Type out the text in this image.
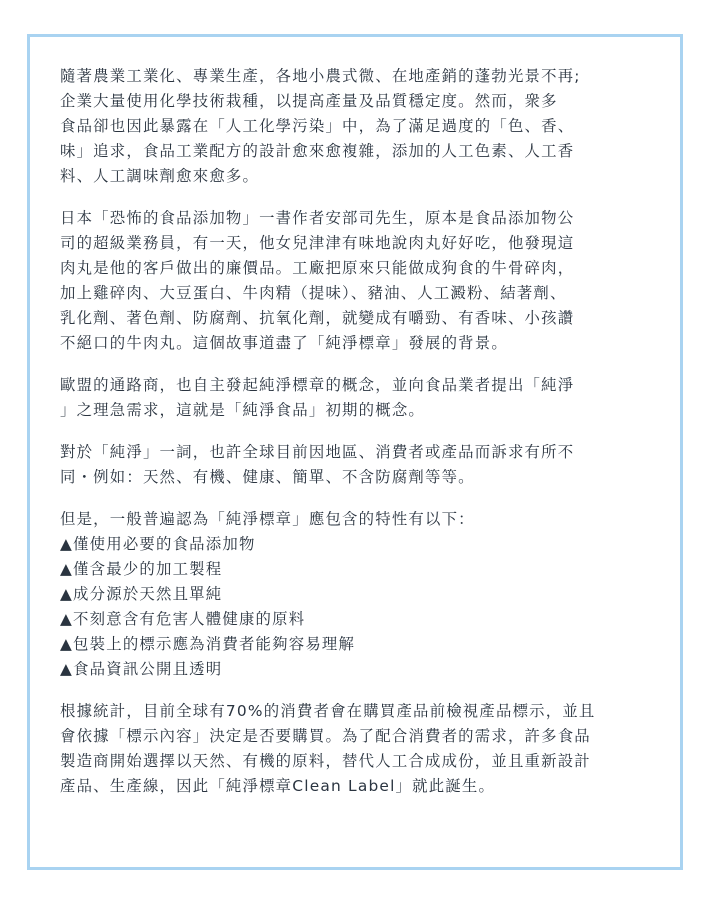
隨著農業工業化、專業生產，各地小農式微、在地產銷的蓬勃光景不再;
企業大量使用化學技術栽種，以提高產量及品質穩定度。然而，衆多
食品卻也因此暴露在「人工化學污染」中，為了滿足過度的「色、香、
味」追求，食品工業配方的設計愈來愈複雜，添加的人工色素、人工香
料、人工調味劑愈來愈多。
日本「恐怖的食品添加物」一書作者安部司先生，原本是食品添加物公
司的超級業務員，有一天，他女兒津津有味地說肉丸好好吃，他發現這
肉丸是他的客戶做出的廉價品。工廠把原來只能做成狗食的牛骨碎肉，
加上雞碎肉、大豆蛋白、牛肉精（提味）、豬油、人工澱粉、結著劑、
乳化劑、著色劑、防腐劑、抗氧化劑，就變成有嚼勁、有香味、小孩讚
不絕口的牛肉丸。這個故事道盡了「純淨標章」發展的背景。
歐盟的通路商，也自主發起純淨標章的概念，並向食品業者提出「純淨
」之理急需求，這就是「純淨食品」初期的概念。
對於「純淨」一詞，也許全球目前因地區、消費者或產品而訴求有所不
同・例如：天然、有機、健康、簡單、不含防腐劑等等。
但是，一般普遍認為「純淨標章」應包含的特性有以下：
▲僅使用必要的食品添加物
▲僅含最少的加工製程
▲成分源於天然且單純
▲不刻意含有危害人體健康的原料
▲包裝上的標示應為消費者能夠容易理解
▲食品資訊公開且透明
根據統計，目前全球有70%的消費者會在購買產品前檢視產品標示，並且
會依據「標示內容」決定是否要購買。為了配合消費者的需求，許多食品
製造商開始選擇以天然、有機的原料，替代人工合成成份，並且重新設計
產品、生產線，因此「純淨標章Clean Label」就此誕生。
